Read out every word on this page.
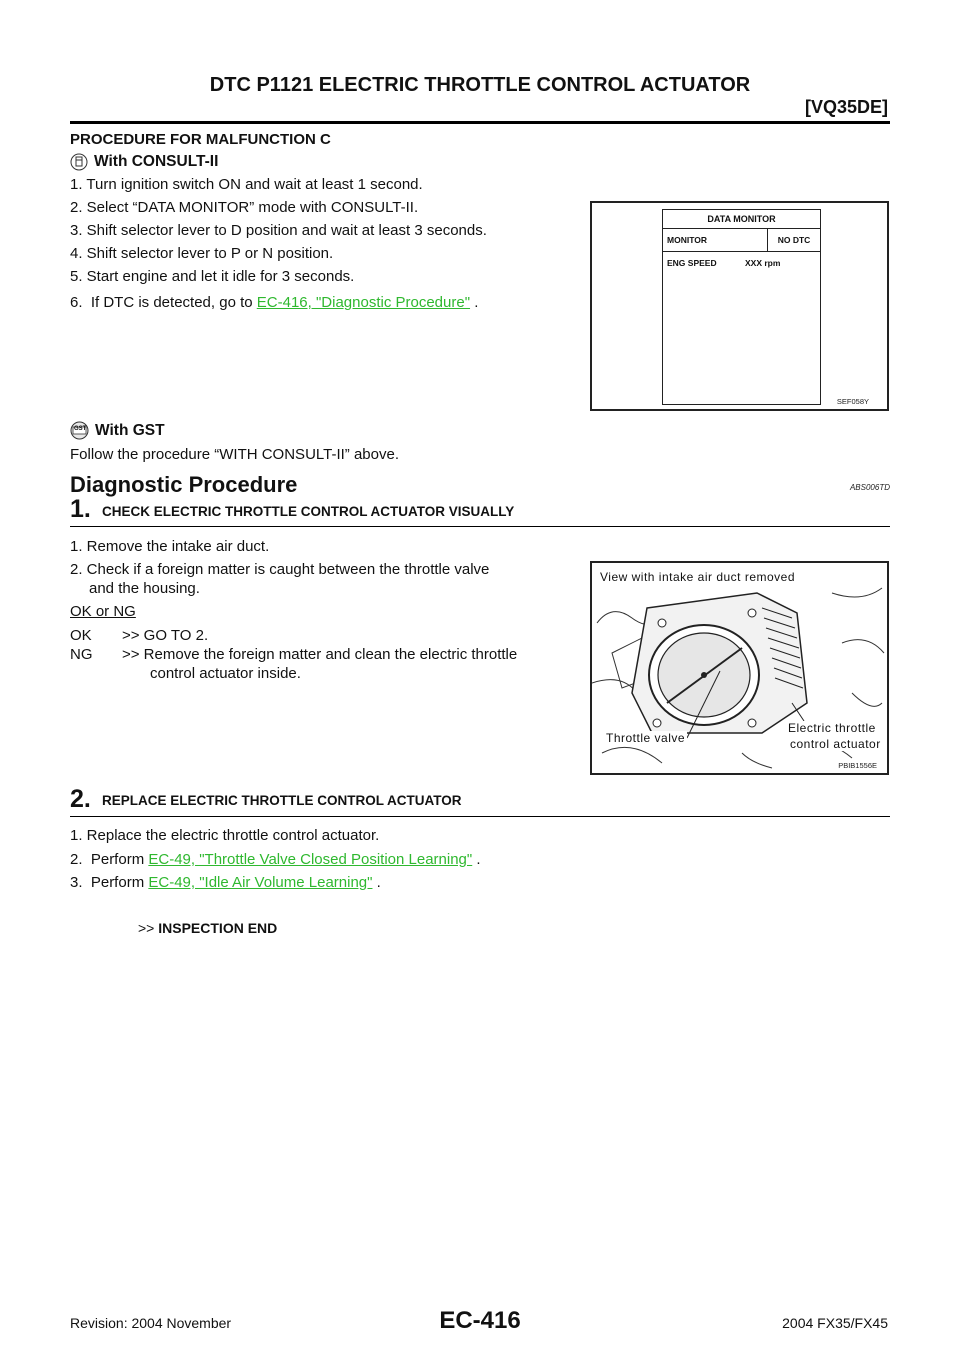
DTC P1121 ELECTRIC THROTTLE CONTROL ACTUATOR
[VQ35DE]
PROCEDURE FOR MALFUNCTION C
With CONSULT-II
1. Turn ignition switch ON and wait at least 1 second.
2. Select “DATA MONITOR” mode with CONSULT-II.
3. Shift selector lever to D position and wait at least 3 seconds.
4. Shift selector lever to P or N position.
5. Start engine and let it idle for 3 seconds.
6.  If DTC is detected, go to EC-416, "Diagnostic Procedure" .
DATA MONITOR
MONITOR	NO DTC
ENG SPEED	XXX rpm
SEF058Y
GST With GST
Follow the procedure “WITH CONSULT-II” above.
Diagnostic Procedure	ABS006TD
1. CHECK ELECTRIC THROTTLE CONTROL ACTUATOR VISUALLY
1. Remove the intake air duct.
2. Check if a foreign matter is caught between the throttle valve
and the housing.
OK or NG
OK >> GO TO 2.
NG >> Remove the foreign matter and clean the electric throttle
control actuator inside.
View with intake air duct removed
Throttle valve
Electric throttle
control actuator
PBIB1556E
2. REPLACE ELECTRIC THROTTLE CONTROL ACTUATOR
1. Replace the electric throttle control actuator.
2.  Perform EC-49, "Throttle Valve Closed Position Learning" .
3.  Perform EC-49, "Idle Air Volume Learning" .
>> INSPECTION END
Revision: 2004 November	EC-416	2004 FX35/FX45
